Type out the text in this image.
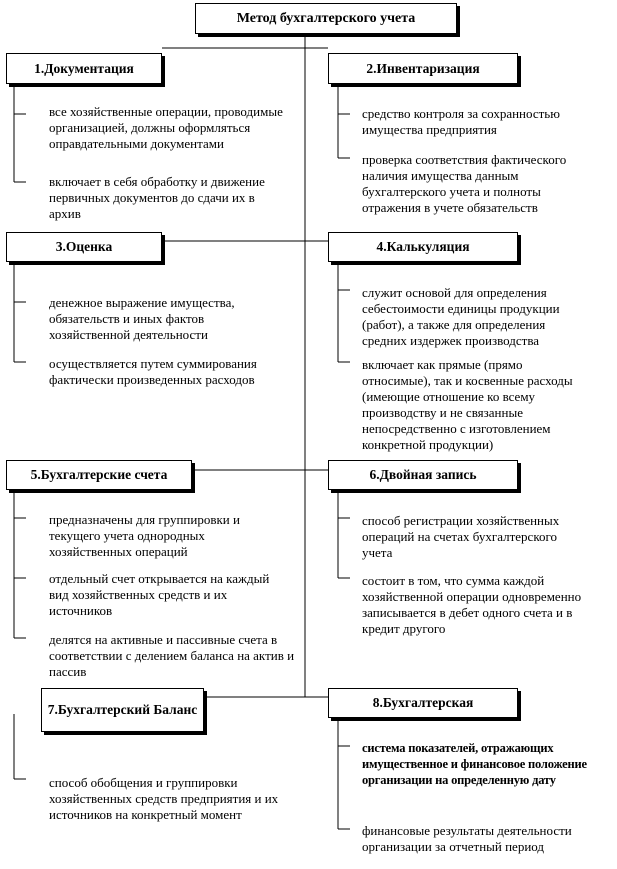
Метод бухгалтерского учета
1.Документация
все хозяйственные операции, проводимые организацией, должны оформляться оправдательными документами
включает в себя обработку и движение первичных документов до сдачи их в архив
2.Инвентаризация
средство контроля за сохранностью имущества предприятия
проверка соответствия фактического наличия имущества данным бухгалтерского учета и полноты отражения в учете обязательств
3.Оценка
денежное выражение имущества, обязательств и иных фактов хозяйственной деятельности
осуществляется путем суммирования фактически произведенных расходов
4.Калькуляция
служит основой для определения себестоимости единицы продукции (работ), а также для определения средних издержек производства
включает как прямые (прямо относимые), так и косвенные расходы (имеющие отношение ко всему производству и не связанные непосредственно с изготовлением конкретной продукции)
5.Бухгалтерские счета
предназначены для группировки и текущего учета однородных хозяйственных операций
отдельный счет открывается на каждый вид хозяйственных средств и их источников
делятся на активные и пассивные счета в соответствии с делением баланса на актив и пассив
6.Двойная запись
способ регистрации хозяйственных операций на счетах бухгалтерского учета
состоит в том, что сумма каждой хозяйственной операции одновременно записывается в дебет одного счета и в кредит другого
7.Бухгалтерский Баланс
способ обобщения и группировки хозяйственных средств предприятия и их источников на конкретный момент
8.Бухгалтерская
система показателей, отражающих имущественное и финансовое положение организации на определенную дату
финансовые результаты деятельности организации за отчетный период
